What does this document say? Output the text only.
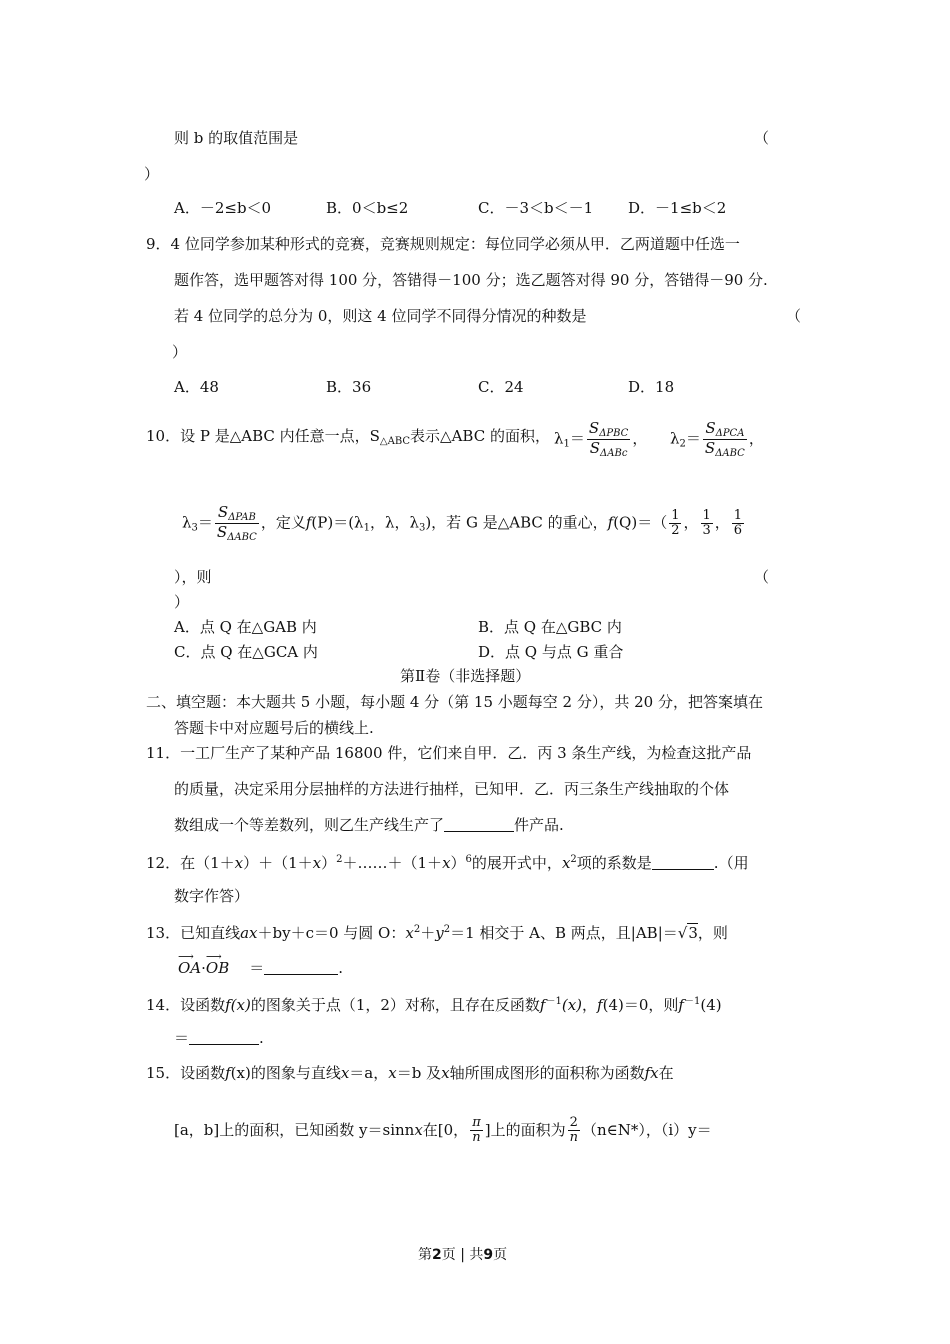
则 b 的取值范围是	（
）
A．－2≤b＜0	B．0＜b≤2	C．－3＜b＜－1 D．－1≤b＜2
9．4 位同学参加某种形式的竞赛，竞赛规则规定：每位同学必须从甲．乙两道题中任选一
题作答，选甲题答对得 100 分，答错得－100 分；选乙题答对得 90 分，答错得－90 分.
若 4 位同学的总分为 0，则这 4 位同学不同得分情况的种数是	（
）
A．48	B．36	C．24	D．18
10．设 P 是△ABC 内任意一点，$S_{\triangle ABC}$表示△ABC 的面积， $\lambda_1= \frac{S_{\Delta PBC}}{S_{\Delta ABc}}$ ， $\lambda_2= \frac{S_{\Delta PCA}}{S_{\Delta ABC}}$ ，
$\lambda_3= \frac{S_{\Delta PAB}}{S_{\Delta ABC}}$ ，定义$f(P)=(\lambda_1$，λ，$\lambda_3$)，若 G 是△ABC 的重心，$f(Q)=( \frac{1}{2}$ ， $\frac{1}{3}$ ， $\frac{1}{6}$
），则	（
）
A．点 Q 在△GAB 内	B．点 Q 在△GBC 内
C．点 Q 在△GCA 内	D．点 Q 与点 G 重合
第Ⅱ卷（非选择题）
二、填空题：本大题共 5 小题，每小题 4 分（第 15 小题每空 2 分），共 20 分，把答案填在
答题卡中对应题号后的横线上.
11．一工厂生产了某种产品 16800 件，它们来自甲．乙．丙 3 条生产线，为检查这批产品
的质量，决定采用分层抽样的方法进行抽样，已知甲．乙．丙三条生产线抽取的个体
数组成一个等差数列，则乙生产线生产了	件产品.
12．在$(1+x)+(1+x)^2+\dots\dots+(1+x)^6$的展开式中，$x^2$项的系数是	.（用
数字作答）
13．已知直线ax＋by＋c＝0 与圆 O：$x^2+y^2=1$ 相交于 A、B 两点，且|AB|＝√3，则
⟶ OA·⟶ OB ＝	.
14．设函数f(x)的图象关于点（1，2）对称，且存在反函数$f^{-1}(x)$，f(4)＝0，则$f^{-1}(4)$
＝	.
15．设函数f(x)的图象与直线x＝a，x＝b 及x轴所围成图形的面积称为函数fx在
[a，b]上的面积，已知函数 y＝sinnx在[0， $\frac{\pi}{n}$ ]上的面积为 $\frac{2}{n}$ （n∈N*），（i）y＝
第2页 | 共9页
